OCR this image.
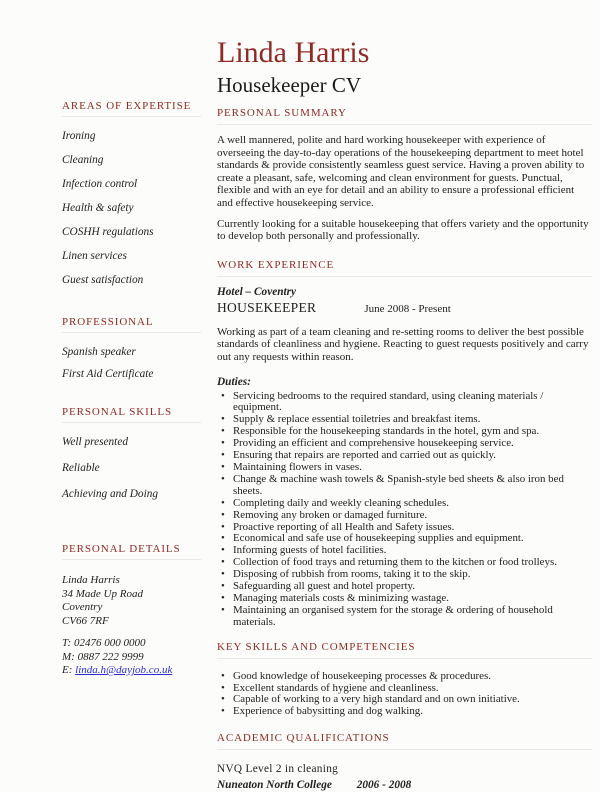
AREAS OF EXPERTISE
Ironing
Cleaning
Infection control
Health & safety
COSHH regulations
Linen services
Guest satisfaction
PROFESSIONAL
Spanish speaker
First Aid Certificate
PERSONAL SKILLS
Well presented
Reliable
Achieving and Doing
PERSONAL DETAILS
Linda Harris
34 Made Up Road
Coventry
CV66 7RF
T: 02476 000 0000
M: 0887 222 9999
E: linda.h@dayjob.co.uk
Linda Harris
Housekeeper CV
PERSONAL SUMMARY

A well mannered, polite and hard working housekeeper with experience of overseeing the day-to-day operations of the housekeeping department to meet hotel standards & provide consistently seamless guest service. Having a proven ability to create a pleasant, safe, welcoming and clean environment for guests. Punctual, flexible and with an eye for detail and an ability to ensure a professional efficient and effective housekeeping service.

Currently looking for a suitable housekeeping that offers variety and the opportunity to develop both personally and professionally.

WORK EXPERIENCE
Hotel – Coventry
HOUSEKEEPER	June 2008 - Present

Working as part of a team cleaning and re-setting rooms to deliver the best possible standards of cleanliness and hygiene. Reacting to guest requests positively and carry out any requests within reason.

Duties:
• Servicing bedrooms to the required standard, using cleaning materials / equipment.
• Supply & replace essential toiletries and breakfast items.
• Responsible for the housekeeping standards in the hotel, gym and spa.
• Providing an efficient and comprehensive housekeeping service.
• Ensuring that repairs are reported and carried out as quickly.
• Maintaining flowers in vases.
• Change & machine wash towels & Spanish-style bed sheets & also iron bed sheets.
• Completing daily and weekly cleaning schedules.
• Removing any broken or damaged furniture.
• Proactive reporting of all Health and Safety issues.
• Economical and safe use of housekeeping supplies and equipment.
• Informing guests of hotel facilities.
• Collection of food trays and returning them to the kitchen or food trolleys.
• Disposing of rubbish from rooms, taking it to the skip.
• Safeguarding all guest and hotel property.
• Managing materials costs & minimizing wastage.
• Maintaining an organised system for the storage & ordering of household materials.
KEY SKILLS AND COMPETENCIES
• Good knowledge of housekeeping processes & procedures.
• Excellent standards of hygiene and cleanliness.
• Capable of working to a very high standard and on own initiative.
• Experience of babysitting and dog walking.
ACADEMIC QUALIFICATIONS
NVQ Level 2 in cleaning
Nuneaton North College 2006 - 2008
